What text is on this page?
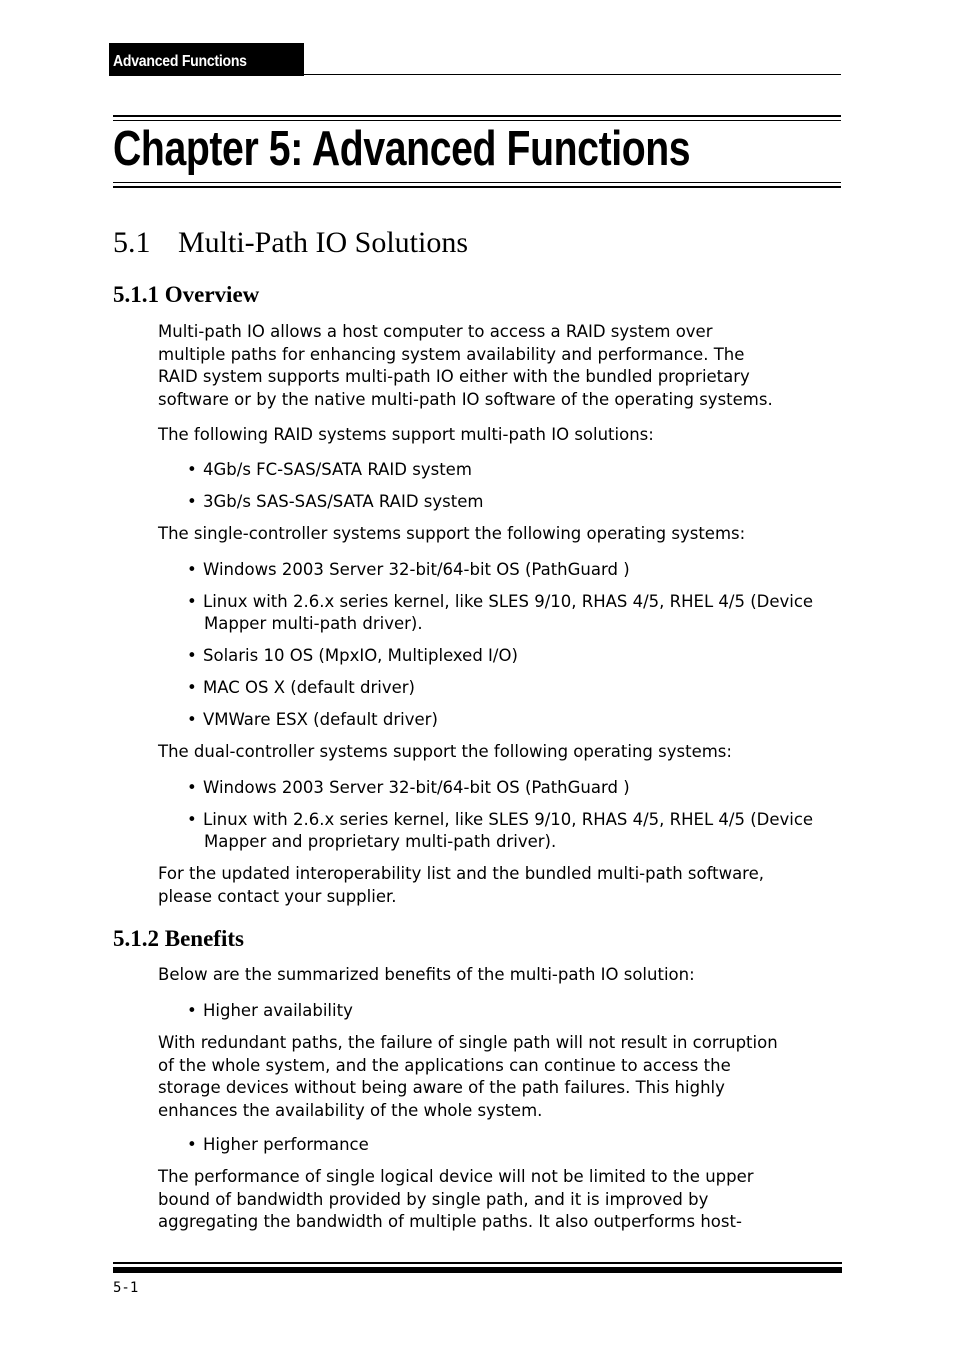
Advanced Functions
Chapter 5: Advanced Functions
5.1 Multi-Path IO Solutions
5.1.1 Overview

Multi-path IO allows a host computer to access a RAID system over

multiple paths for enhancing system availability and performance. The

RAID system supports multi-path IO either with the bundled proprietary

software or by the native multi-path IO software of the operating systems.

The following RAID systems support multi-path IO solutions:

• 4Gb/s FC-SAS/SATA RAID system
• 3Gb/s SAS-SAS/SATA RAID system

The single-controller systems support the following operating systems:

• Windows 2003 Server 32-bit/64-bit OS (PathGuard )
• Linux with 2.6.x series kernel, like SLES 9/10, RHAS 4/5, RHEL 4/5 (Device
Mapper multi-path driver).
• Solaris 10 OS (MpxIO, Multiplexed I/O)
• MAC OS X (default driver)
• VMWare ESX (default driver)

The dual-controller systems support the following operating systems:

• Windows 2003 Server 32-bit/64-bit OS (PathGuard )
• Linux with 2.6.x series kernel, like SLES 9/10, RHAS 4/5, RHEL 4/5 (Device
Mapper and proprietary multi-path driver).

For the updated interoperability list and the bundled multi-path software,

please contact your supplier.

5.1.2 Benefits

Below are the summarized benefits of the multi-path IO solution:

• Higher availability

With redundant paths, the failure of single path will not result in corruption

of the whole system, and the applications can continue to access the

storage devices without being aware of the path failures. This highly

enhances the availability of the whole system.

• Higher performance

The performance of single logical device will not be limited to the upper

bound of bandwidth provided by single path, and it is improved by

aggregating the bandwidth of multiple paths. It also outperforms host-

5-1
